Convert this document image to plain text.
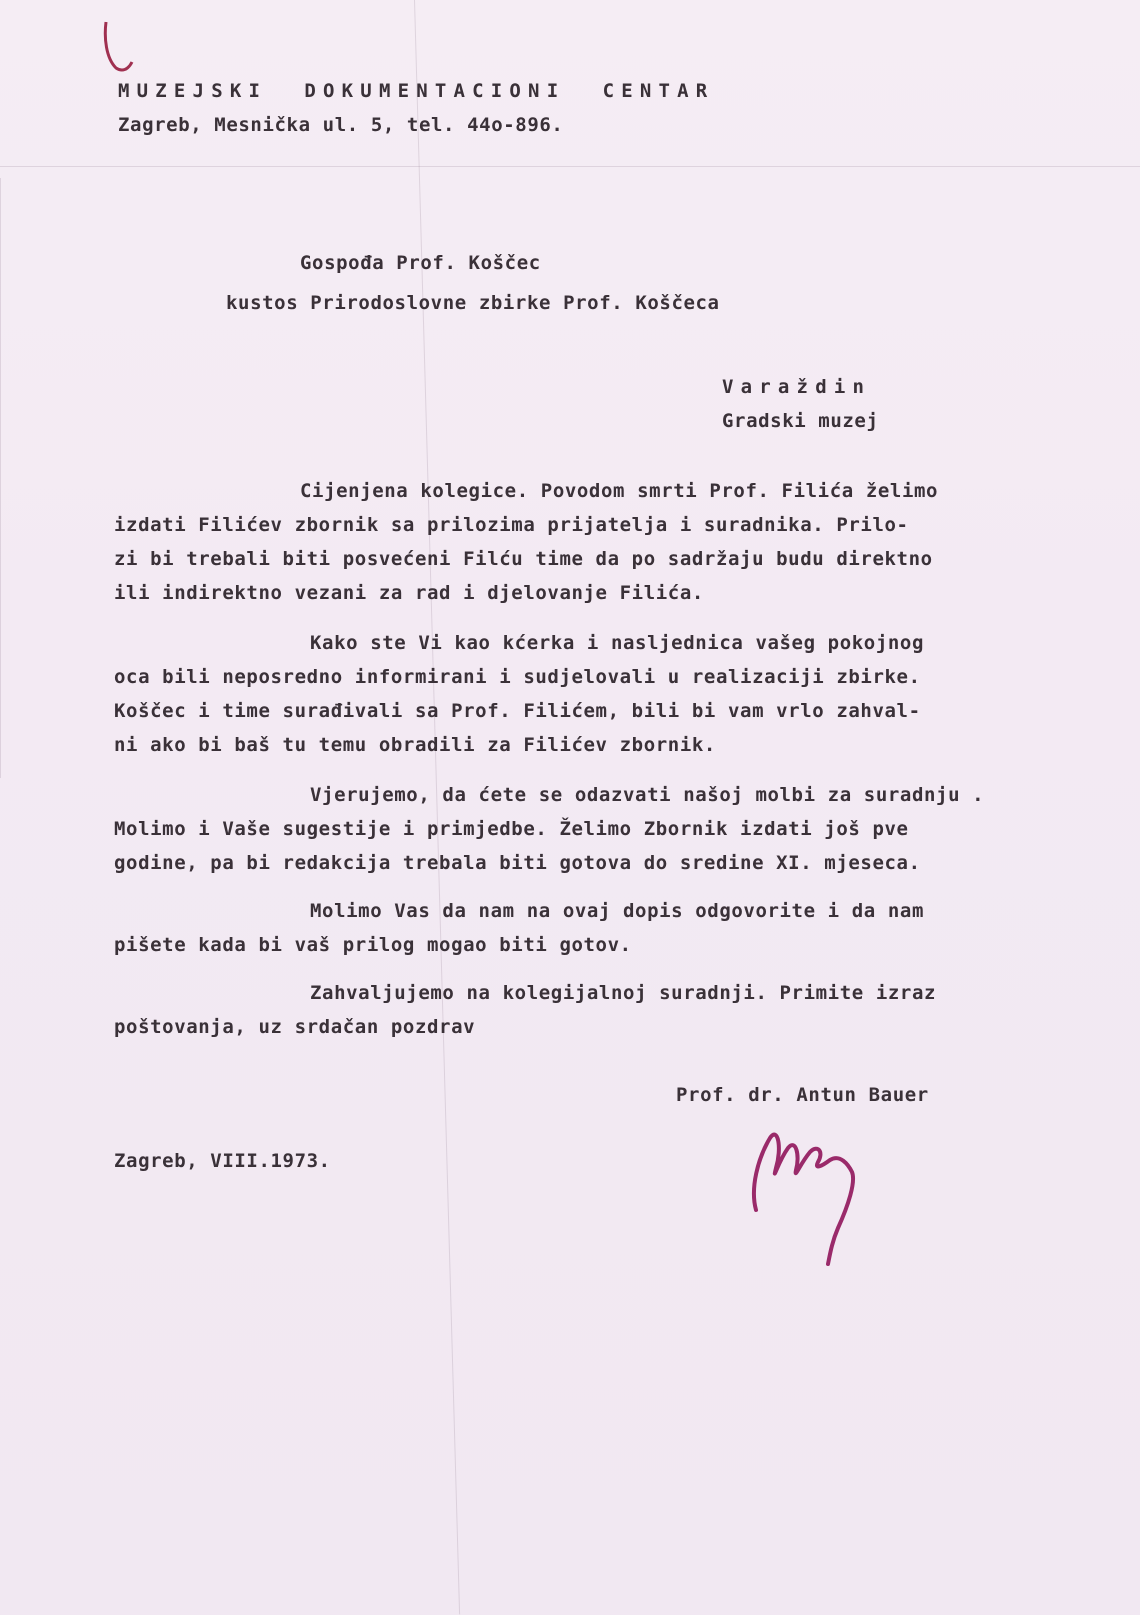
MUZEJSKI  DOKUMENTACIONI  CENTAR
Zagreb, Mesnička ul. 5, tel. 44o-896.
Gospođa Prof. Koščec
kustos Prirodoslovne zbirke Prof. Koščeca
Varaždin
Gradski muzej
Cijenjena kolegice. Povodom smrti Prof. Filića želimo
izdati Filićev zbornik sa prilozima prijatelja i suradnika. Prilo-
zi bi trebali biti posvećeni Filću time da po sadržaju budu direktno
ili indirektno vezani za rad i djelovanje Filića.
Kako ste Vi kao kćerka i nasljednica vašeg pokojnog
oca bili neposredno informirani i sudjelovali u realizaciji zbirke.
Koščec i time surađivali sa Prof. Filićem, bili bi vam vrlo zahval-
ni ako bi baš tu temu obradili za Filićev zbornik.
Vjerujemo, da ćete se odazvati našoj molbi za suradnju .
Molimo i Vaše sugestije i primjedbe. Želimo Zbornik izdati još pve
godine, pa bi redakcija trebala biti gotova do sredine XI. mjeseca.
Molimo Vas da nam na ovaj dopis odgovorite i da nam
pišete kada bi vaš prilog mogao biti gotov.
Zahvaljujemo na kolegijalnoj suradnji. Primite izraz
poštovanja, uz srdačan pozdrav
Prof. dr. Antun Bauer
Zagreb, VIII.1973.
